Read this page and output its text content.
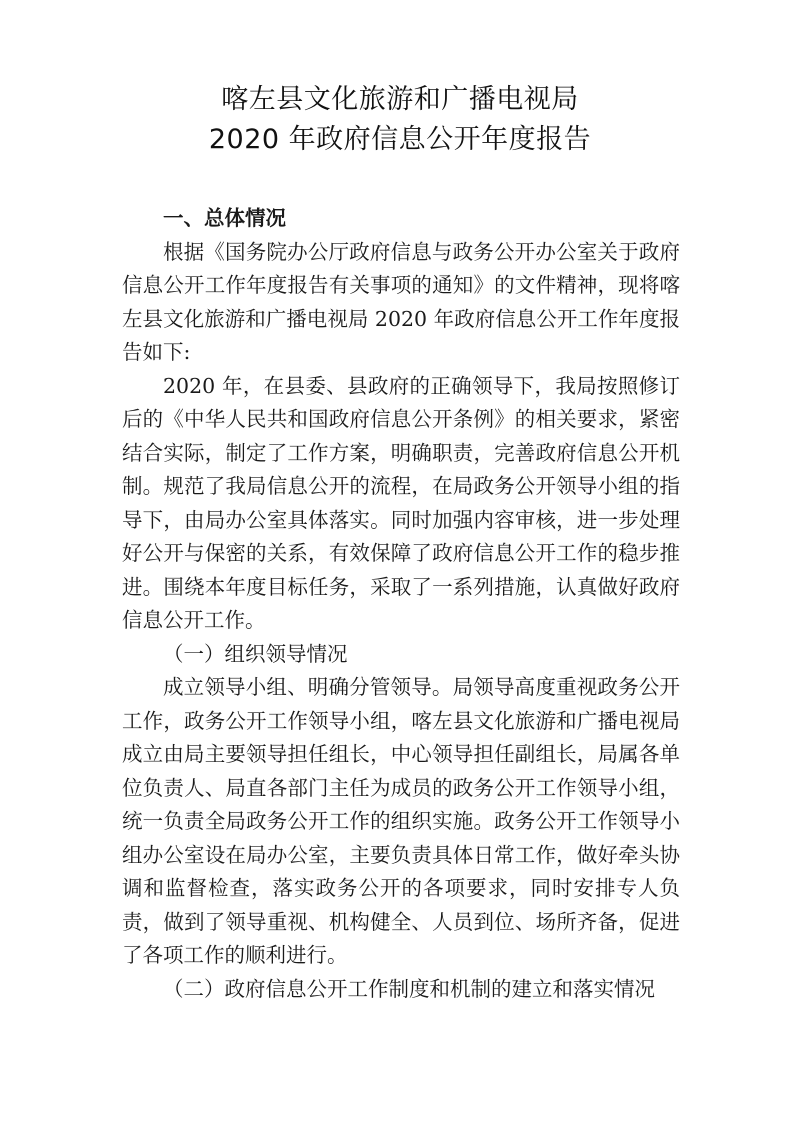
喀左县文化旅游和广播电视局
2020 年政府信息公开年度报告

一、总体情况

根据《国务院办公厅政府信息与政务公开办公室关于政府信息公开工作年度报告有关事项的通知》的文件精神，现将喀左县文化旅游和广播电视局 2020 年政府信息公开工作年度报告如下:

2020 年，在县委、县政府的正确领导下，我局按照修订后的《中华人民共和国政府信息公开条例》的相关要求，紧密结合实际，制定了工作方案，明确职责，完善政府信息公开机制。规范了我局信息公开的流程，在局政务公开领导小组的指导下，由局办公室具体落实。同时加强内容审核，进一步处理好公开与保密的关系，有效保障了政府信息公开工作的稳步推进。围绕本年度目标任务，采取了一系列措施，认真做好政府信息公开工作。

（一）组织领导情况

成立领导小组、明确分管领导。局领导高度重视政务公开工作，政务公开工作领导小组，喀左县文化旅游和广播电视局成立由局主要领导担任组长，中心领导担任副组长，局属各单位负责人、局直各部门主任为成员的政务公开工作领导小组，统一负责全局政务公开工作的组织实施。政务公开工作领导小组办公室设在局办公室，主要负责具体日常工作，做好牵头协调和监督检查，落实政务公开的各项要求，同时安排专人负责，做到了领导重视、机构健全、人员到位、场所齐备，促进了各项工作的顺利进行。

（二）政府信息公开工作制度和机制的建立和落实情况
